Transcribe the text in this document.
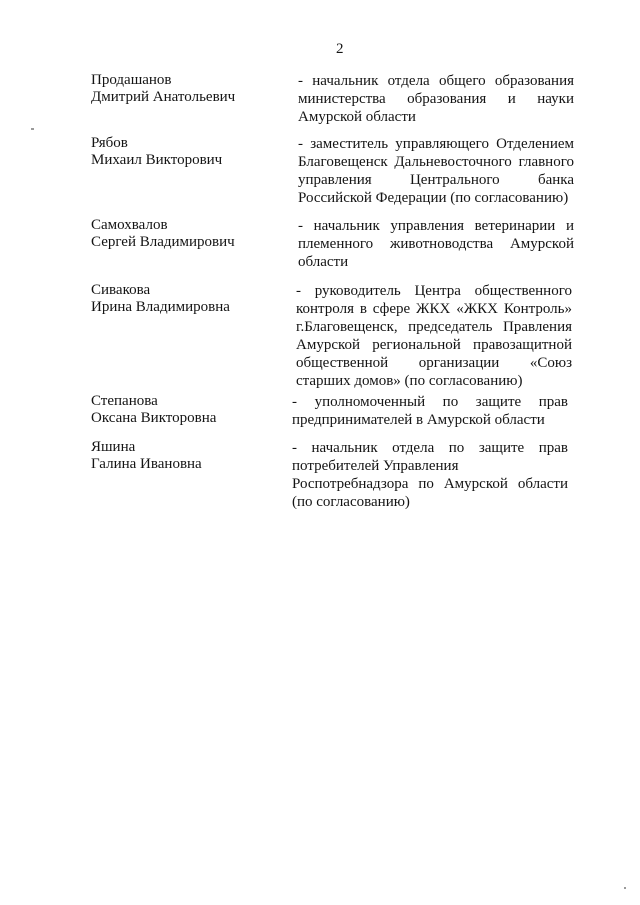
2
Продашанов
Дмитрий Анатольевич
- начальник отдела общего образования
министерства образования и науки
Амурской области
Рябов
Михаил Викторович
- заместитель управляющего Отделением
Благовещенск Дальневосточного главного
управления Центрального банка
Российской Федерации (по согласованию)
Самохвалов
Сергей Владимирович
- начальник управления ветеринарии и
племенного животноводства Амурской
области
Сивакова
Ирина Владимировна
- руководитель Центра общественного
контроля в сфере ЖКХ «ЖКХ Контроль»
г.Благовещенск, председатель Правления
Амурской региональной правозащитной
общественной организации «Союз
старших домов» (по согласованию)
Степанова
Оксана Викторовна
- уполномоченный по защите прав
предпринимателей в Амурской области
Яшина
Галина Ивановна
- начальник отдела по защите прав
потребителей Управления
Роспотребнадзора по Амурской области
(по согласованию)
